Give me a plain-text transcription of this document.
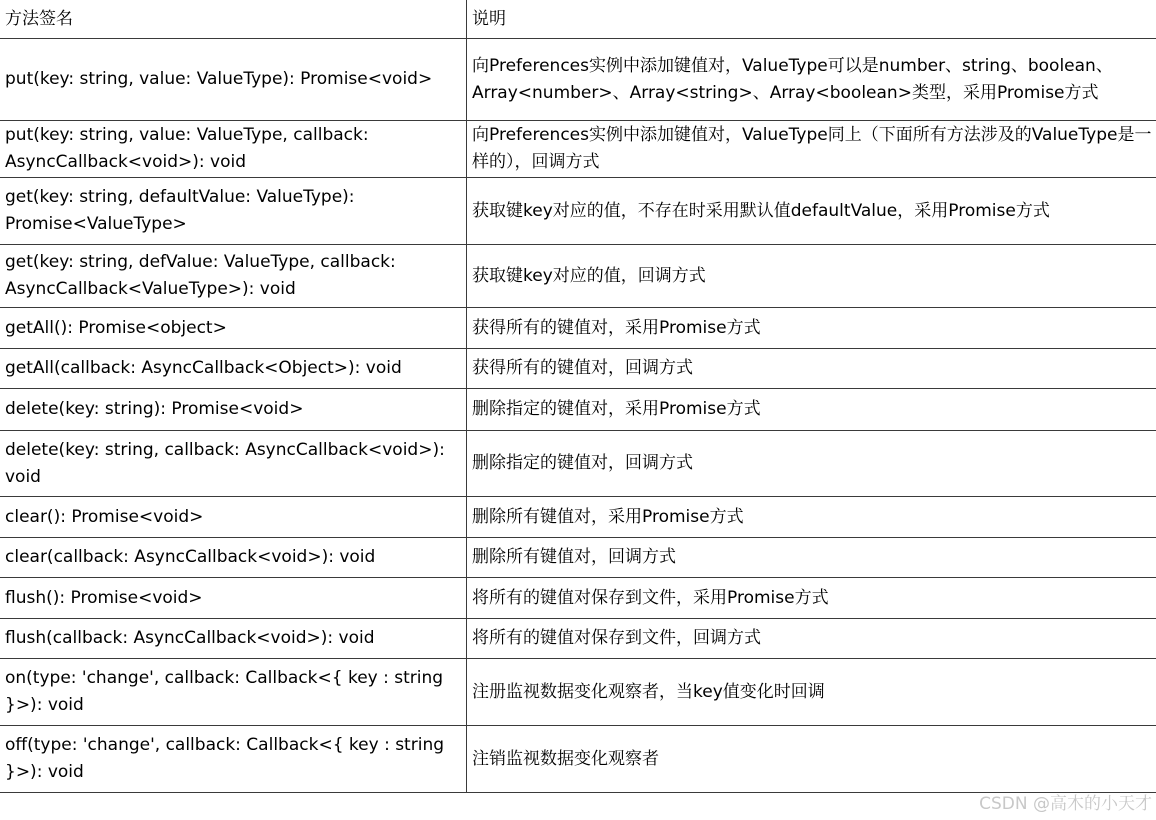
方法签名	说明
put(key: string, value: ValueType): Promise<void>	向Preferences实例中添加键值对，ValueType可以是number、string、boolean、Array<number>、Array<string>、Array<boolean>类型，采用Promise方式
put(key: string, value: ValueType, callback: AsyncCallback<void>): void	向Preferences实例中添加键值对，ValueType同上（下面所有方法涉及的ValueType是一样的），回调方式
get(key: string, defaultValue: ValueType): Promise<ValueType>	获取键key对应的值，不存在时采用默认值defaultValue，采用Promise方式
get(key: string, defValue: ValueType, callback: AsyncCallback<ValueType>): void	获取键key对应的值，回调方式
getAll(): Promise<object>	获得所有的键值对，采用Promise方式
getAll(callback: AsyncCallback<Object>): void	获得所有的键值对，回调方式
delete(key: string): Promise<void>	删除指定的键值对，采用Promise方式
delete(key: string, callback: AsyncCallback<void>): void	删除指定的键值对，回调方式
clear(): Promise<void>	删除所有键值对，采用Promise方式
clear(callback: AsyncCallback<void>): void	删除所有键值对，回调方式
flush(): Promise<void>	将所有的键值对保存到文件，采用Promise方式
flush(callback: AsyncCallback<void>): void	将所有的键值对保存到文件，回调方式
on(type: 'change', callback: Callback<{ key : string }>): void	注册监视数据变化观察者，当key值变化时回调
off(type: 'change', callback: Callback<{ key : string }>): void	注销监视数据变化观察者
CSDN @高木的小天才
